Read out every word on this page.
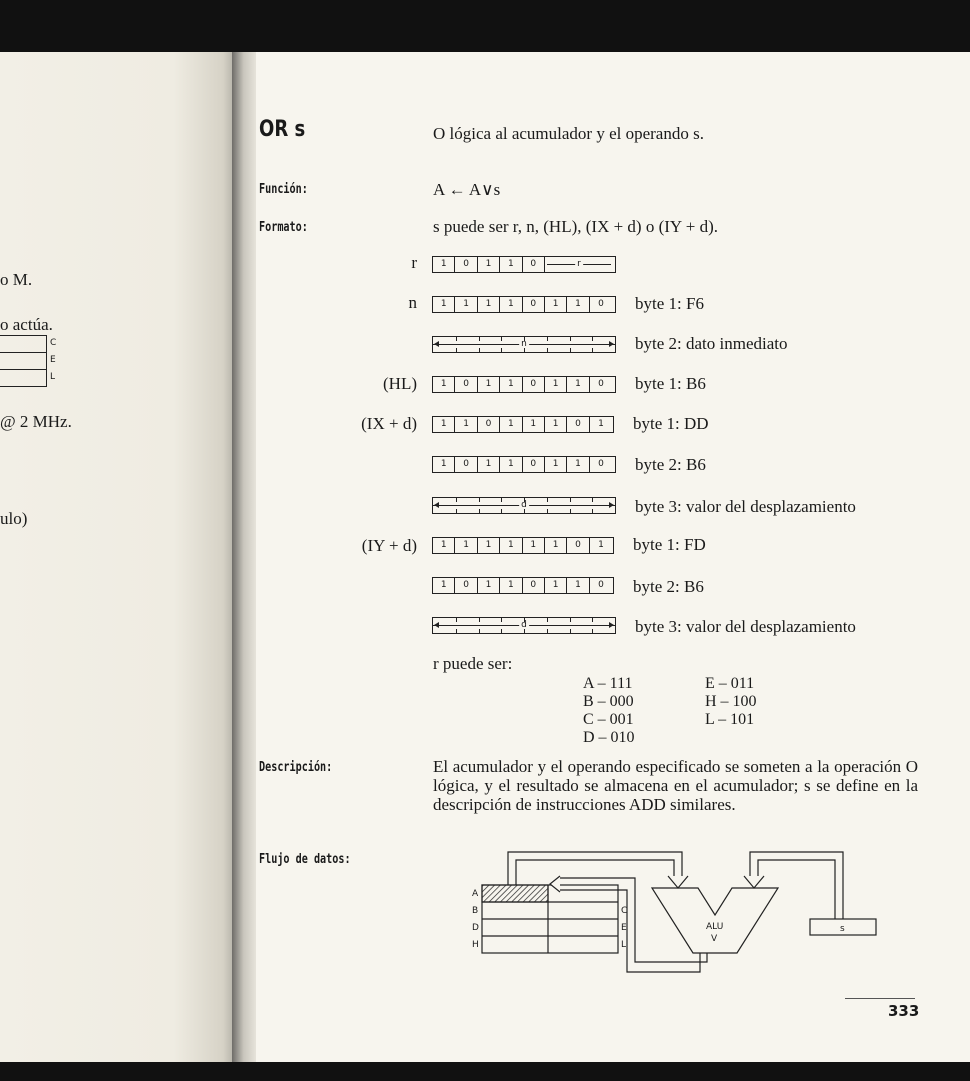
o M.
o actúa.
C
E
L
@ 2 MHz.
ulo)
OR s	O lógica al acumulador y el operando s.
Función:	A ← A∨s
Formato:	s puede ser r, n, (HL), (IX + d) o (IY + d).
r	1	0	1	1	0	r
n	1	1	1	1	0	1	1	0	byte 1: F6
n	byte 2: dato inmediato
(HL)	1	0	1	1	0	1	1	0	byte 1: B6
(IX + d)	1	1	0	1	1	1	0	1	byte 1: DD
1	0	1	1	0	1	1	0	byte 2: B6
d	byte 3: valor del desplazamiento
(IY + d)	1	1	1	1	1	1	0	1	byte 1: FD
1	0	1	1	0	1	1	0	byte 2: B6
d	byte 3: valor del desplazamiento
r puede ser:
A – 111
B – 000
C – 001
D – 010
E – 011
H – 100
L – 101
Descripción:	El acumulador y el operando especificado se someten a la operación O lógica, y el resultado se almacena en el acumulador; s se define en la descripción de instrucciones ADD similares.
Flujo de datos:
A
B
D
H
C
E
L
ALU
V
s
333
